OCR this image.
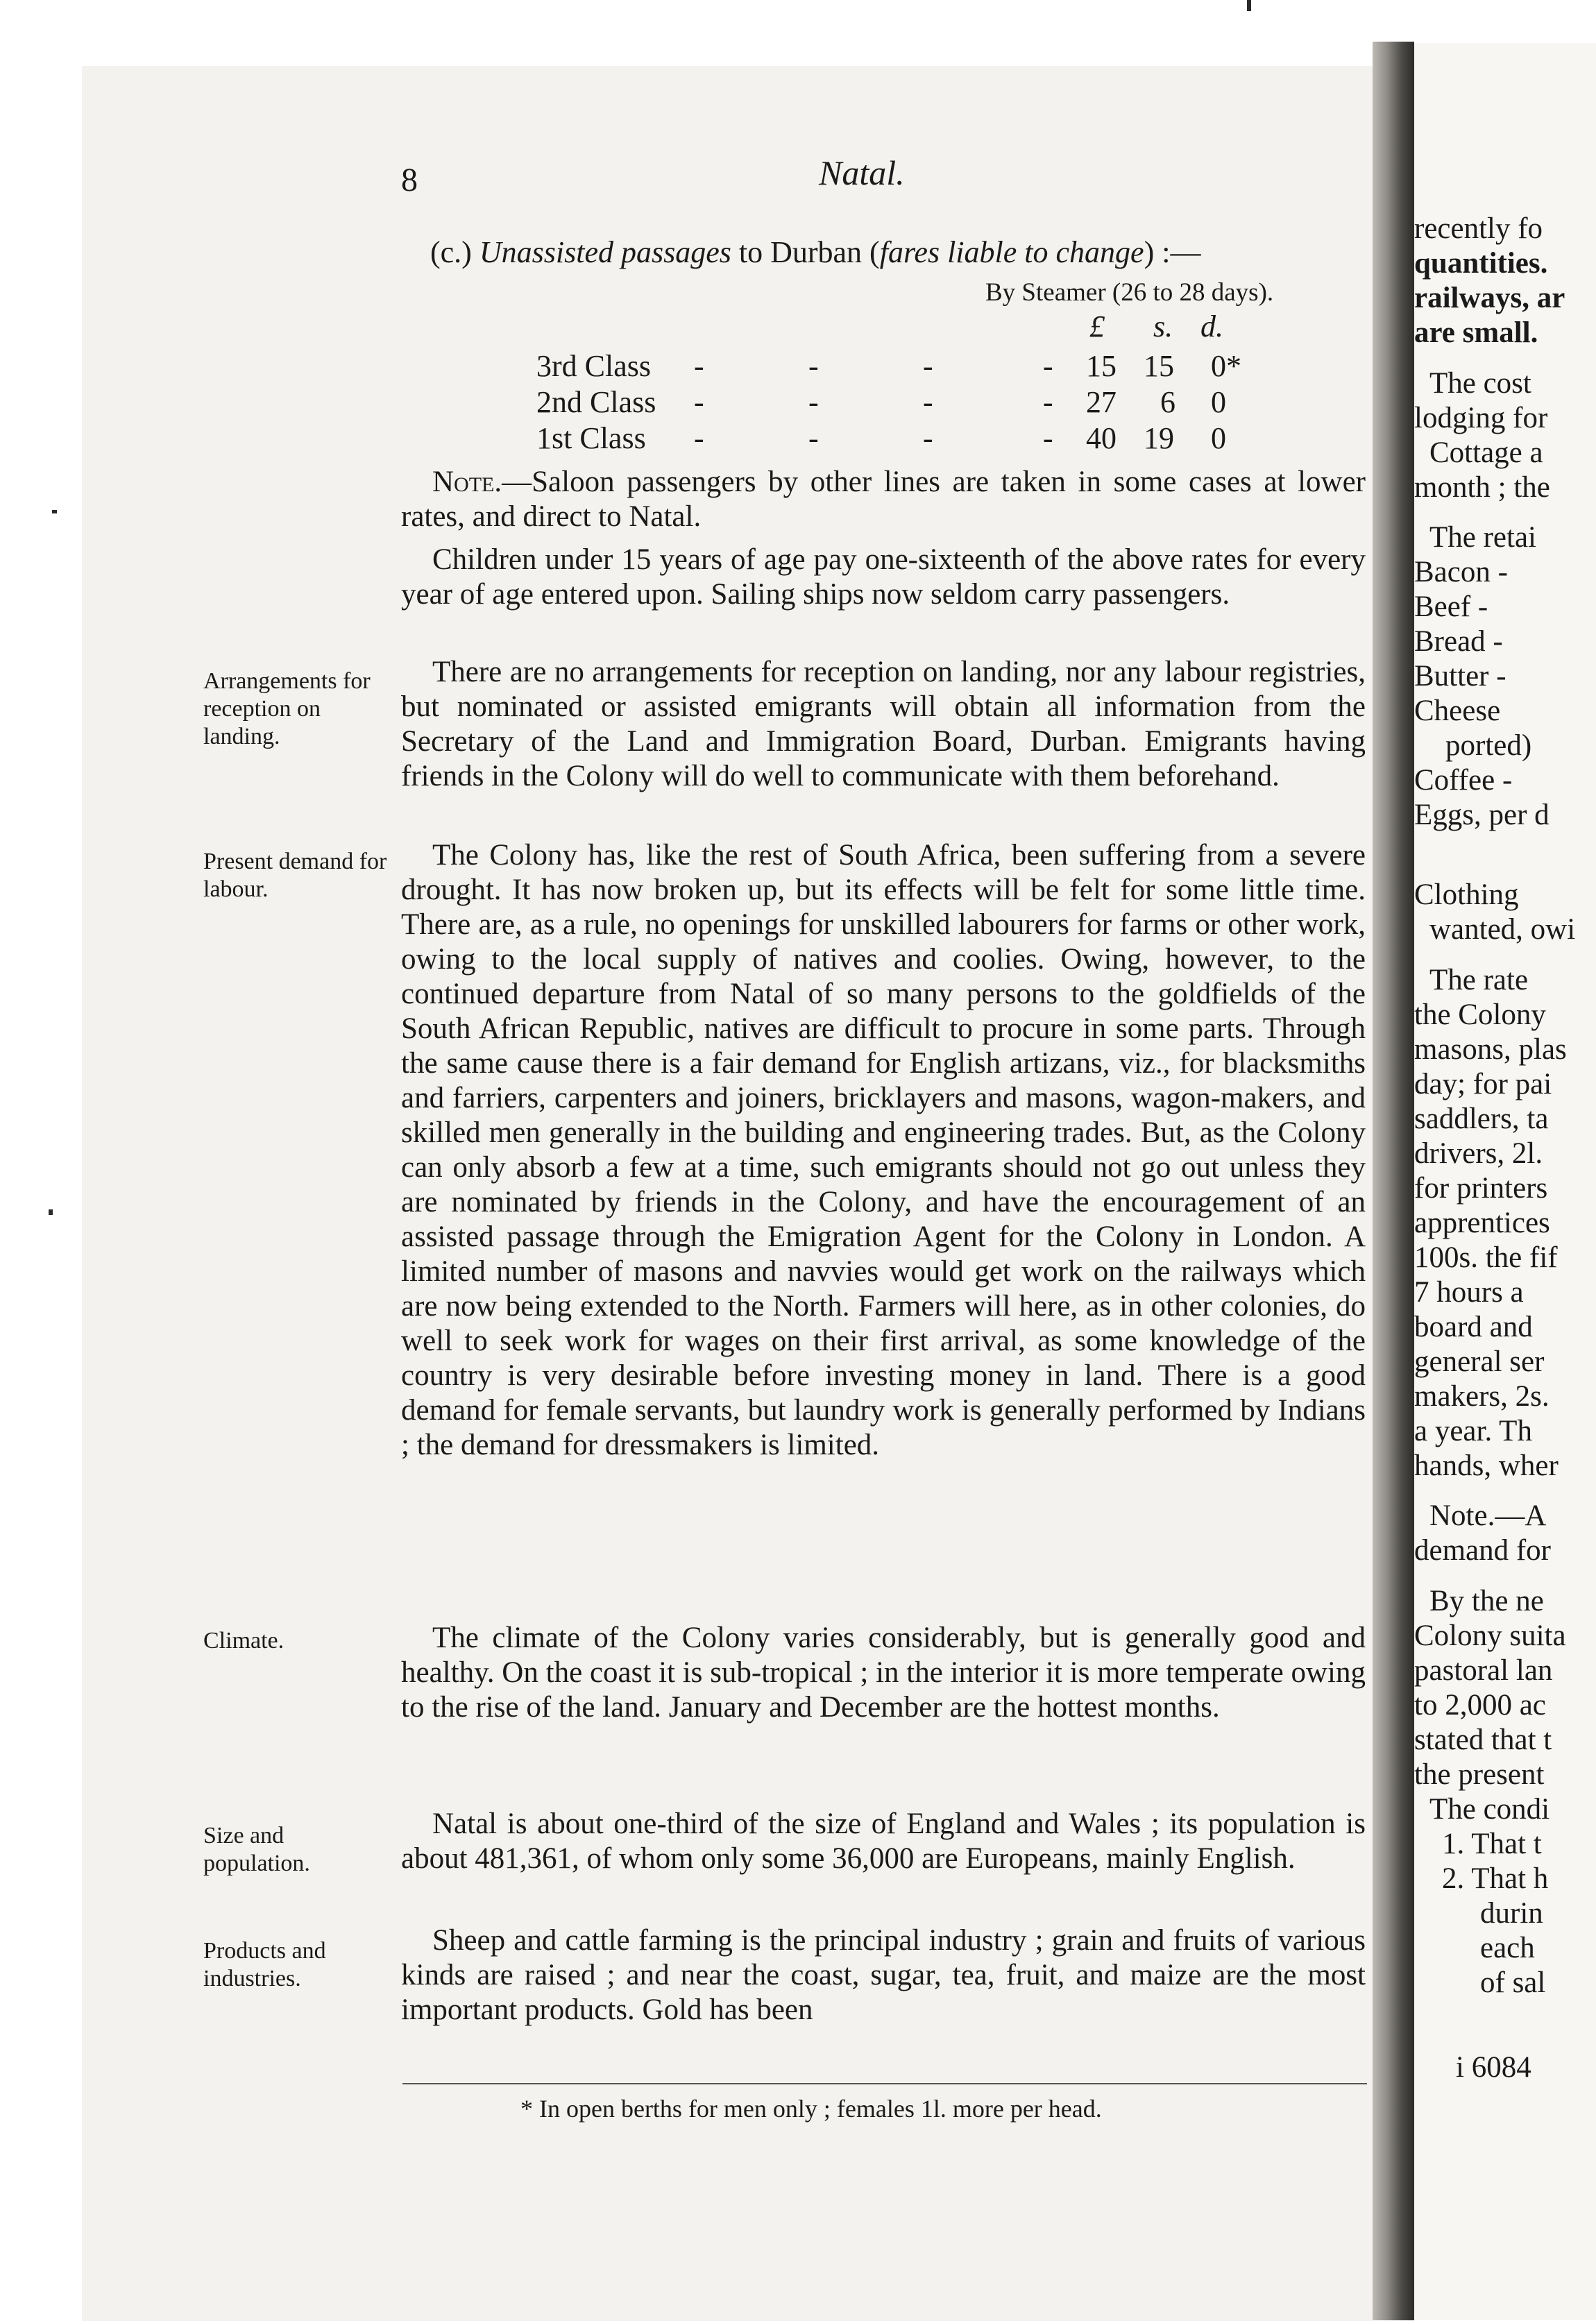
recently fo
quantities.
railways, ar
are small.
The cost
lodging for
Cottage a
month ; the
The retai
Bacon -
Beef -
Bread -
Butter -
Cheese
ported)
Coffee -
Eggs, per d
Clothing
wanted, owi
The rate
the Colony
masons, plas
day; for pai
saddlers, ta
drivers, 2l.
for printers
apprentices
100s. the fif
7 hours a
board and
general ser
makers, 2s.
a year. Th
hands, wher
Note.—A
demand for
By the ne
Colony suita
pastoral lan
to 2,000 ac
stated that t
the present
The condi
1. That t
2. That h
durin
each
of sal
i 6084
8	Natal.
(c.) Unassisted passages to Durban (fares liable to change) :—
By Steamer (26 to 28 days).
£ s. d.
3rd Class -	-	-	- 15 15 0*
2nd Class -	-	-	- 27 6 0
1st Class -	-	-	- 40 19 0

Note.—Saloon passengers by other lines are taken in some cases at lower rates, and direct to Natal.

Children under 15 years of age pay one-sixteenth of the above rates for every year of age entered upon. Sailing ships now seldom carry passengers.

Arrangements for reception on landing.

There are no arrangements for reception on landing, nor any labour registries, but nominated or assisted emigrants will obtain all information from the Secretary of the Land and Immigration Board, Durban. Emigrants having friends in the Colony will do well to communicate with them beforehand.

Present demand for labour.

The Colony has, like the rest of South Africa, been suffering from a severe drought. It has now broken up, but its effects will be felt for some little time. There are, as a rule, no openings for unskilled labourers for farms or other work, owing to the local supply of natives and coolies. Owing, however, to the continued departure from Natal of so many persons to the goldfields of the South African Republic, natives are difficult to procure in some parts. Through the same cause there is a fair demand for English artizans, viz., for blacksmiths and farriers, carpenters and joiners, bricklayers and masons, wagon-makers, and skilled men generally in the building and engineering trades. But, as the Colony can only absorb a few at a time, such emigrants should not go out unless they are nominated by friends in the Colony, and have the encouragement of an assisted passage through the Emigration Agent for the Colony in London. A limited number of masons and navvies would get work on the railways which are now being extended to the North. Farmers will here, as in other colonies, do well to seek work for wages on their first arrival, as some knowledge of the country is very desirable before investing money in land. There is a good demand for female servants, but laundry work is generally performed by Indians ; the demand for dressmakers is limited.

Climate.	The climate of the Colony varies considerably, but is generally good and healthy. On the coast it is sub-tropical ; in the interior it is more temperate owing to the rise of the land. January and December are the hottest months.

Size and population.

Natal is about one-third of the size of England and Wales ; its population is about 481,361, of whom only some 36,000 are Europeans, mainly English.

Products and industries.

Sheep and cattle farming is the principal industry ; grain and fruits of various kinds are raised ; and near the coast, sugar, tea, fruit, and maize are the most important products. Gold has been

* In open berths for men only ; females 1l. more per head.
